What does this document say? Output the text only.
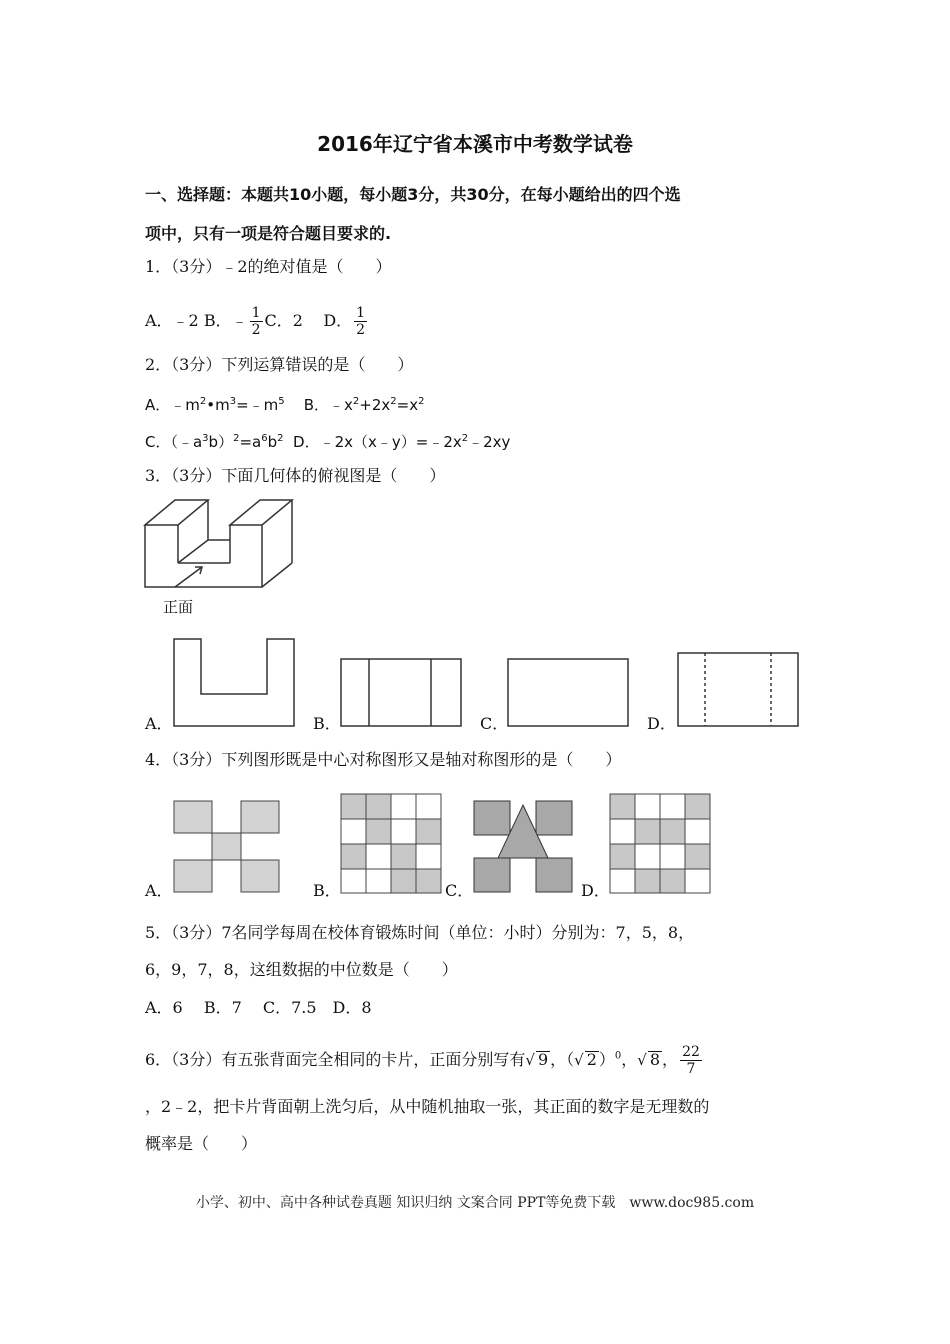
2016年辽宁省本溪市中考数学试卷
一、选择题：本题共10小题，每小题3分，共30分，在每小题给出的四个选
项中，只有一项是符合题目要求的.
1．（3分）﹣2的绝对值是（　　）
A．﹣2 B．﹣ $\frac{1}{2}$ C．2 D． $\frac{1}{2}$
2．（3分）下列运算错误的是（　　）
A．$﹣m^2•m^3=﹣m^5$ B．$﹣x^2+2x^2=x^2$
C．$(﹣a^3b)^2=a^6b^2$ D．$﹣2x(x﹣y)=﹣2x^2﹣2xy$
3．（3分）下面几何体的俯视图是（　　）
正面
A．	B．	C．	D．
4．（3分）下列图形既是中心对称图形又是轴对称图形的是（　　）
A．	B．	C．	D．
5．（3分）7名同学每周在校体育锻炼时间（单位：小时）分别为：7，5，8，
6，9，7，8，这组数据的中位数是（　　）
A．6　 B．7　 C．7.5　D．8
6．（3分）有五张背面完全相同的卡片，正面分别写有√ 9 ，（√ 2 ）$^0$，√ 8 ， $\frac{22}{7}$
，2﹣2，把卡片背面朝上洗匀后，从中随机抽取一张，其正面的数字是无理数的
概率是（　　）
小学、初中、高中各种试卷真题 知识归纳 文案合同 PPT等免费下载　www.doc985.com
